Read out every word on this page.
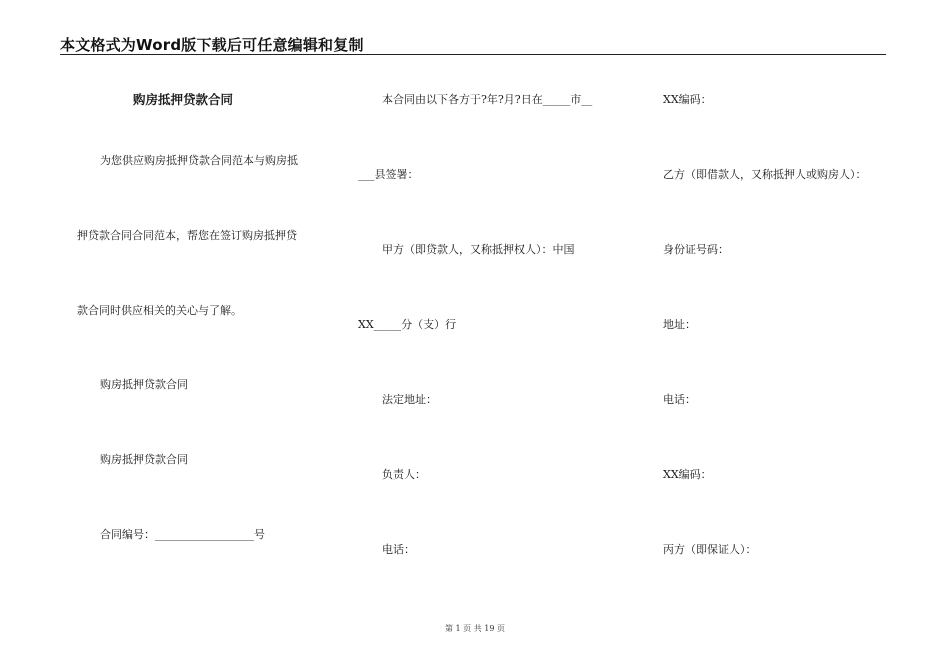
本文格式为Word版下载后可任意编辑和复制
购房抵押贷款合同
为您供应购房抵押贷款合同范本与购房抵
押贷款合同合同范本，帮您在签订购房抵押贷
款合同时供应相关的关心与了解。
购房抵押贷款合同
购房抵押贷款合同
合同编号：__________________号
本合同由以下各方于?年?月?日在_____市__
___县签署：
甲方（即贷款人，又称抵押权人）：中国
XX_____分（支）行
法定地址：
负责人：
电话：
XX编码：
乙方（即借款人，又称抵押人或购房人）：
身份证号码：
地址：
电话：
XX编码：
丙方（即保证人）：
第 1 页 共 19 页
